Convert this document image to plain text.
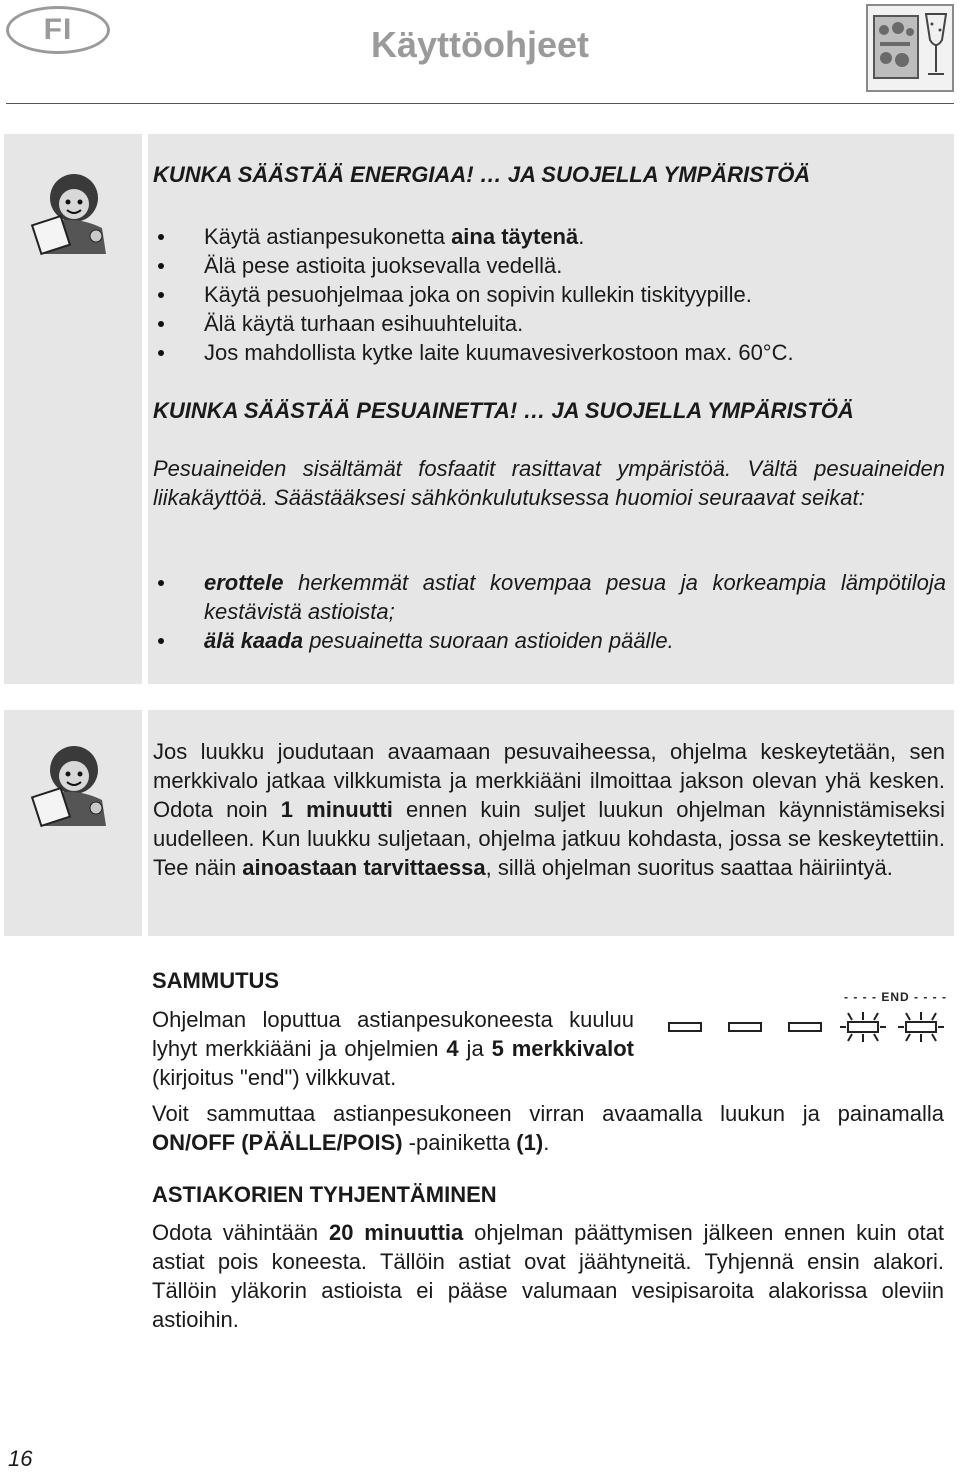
FI	Käyttöohjeet
KUNKA SÄÄSTÄÄ ENERGIAA! … JA SUOJELLA YMPÄRISTÖÄ
Käytä astianpesukonetta aina täytenä.
Älä pese astioita juoksevalla vedellä.
Käytä pesuohjelmaa joka on sopivin kullekin tiskityypille.
Älä käytä turhaan esihuuhteluita.
Jos mahdollista kytke laite kuumavesiverkostoon max. 60°C.
KUINKA SÄÄSTÄÄ PESUAINETTA! … JA SUOJELLA YMPÄRISTÖÄ
Pesuaineiden sisältämät fosfaatit rasittavat ympäristöä. Vältä pesuaineiden liikakäyttöä. Säästääksesi sähkönkulutuksessa huomioi seuraavat seikat:
erottele herkemmät astiat kovempaa pesua ja korkeampia lämpötiloja kestävistä astioista;
älä kaada pesuainetta suoraan astioiden päälle.
Jos luukku joudutaan avaamaan pesuvaiheessa, ohjelma keskeytetään, sen merkkivalo jatkaa vilkkumista ja merkkiääni ilmoittaa jakson olevan yhä kesken. Odota noin 1 minuutti ennen kuin suljet luukun ohjelman käynnistämiseksi uudelleen. Kun luukku suljetaan, ohjelma jatkuu kohdasta, jossa se keskeytettiin. Tee näin ainoastaan tarvittaessa, sillä ohjelman suoritus saattaa häiriintyä.
SAMMUTUS
Ohjelman loputtua astianpesukoneesta kuuluu lyhyt merkkiääni ja ohjelmien 4 ja 5 merkkivalot (kirjoitus "end") vilkkuvat.
- - - - END - - - -
Voit sammuttaa astianpesukoneen virran avaamalla luukun ja painamalla ON/OFF (PÄÄLLE/POIS) -painiketta (1).
ASTIAKORIEN TYHJENTÄMINEN
Odota vähintään 20 minuuttia ohjelman päättymisen jälkeen ennen kuin otat astiat pois koneesta. Tällöin astiat ovat jäähtyneitä. Tyhjennä ensin alakori. Tällöin yläkorin astioista ei pääse valumaan vesipisaroita alakorissa oleviin astioihin.
16
